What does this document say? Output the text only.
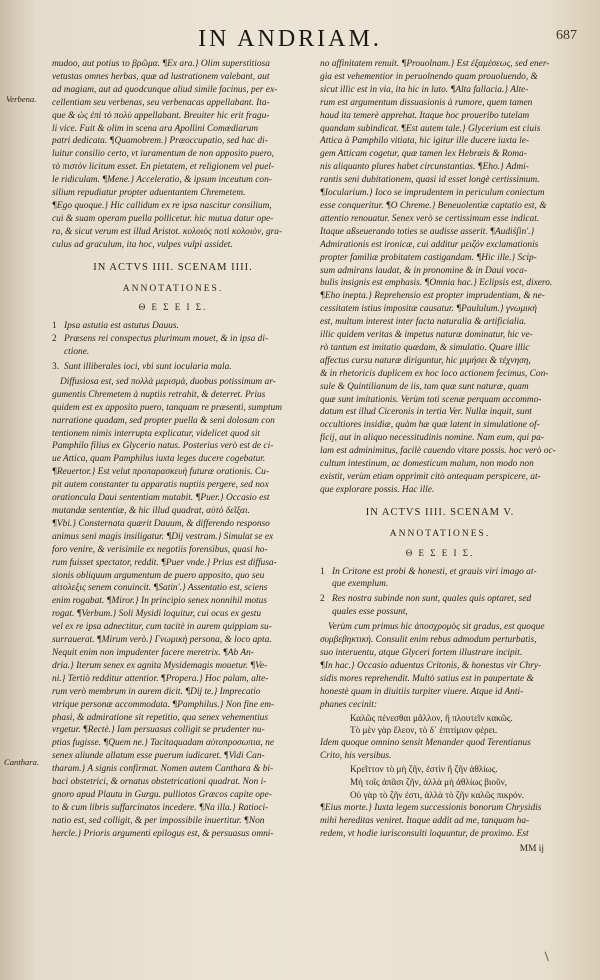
IN ANDRIAM.	687
Verbena.
Canthara.

mudoo, aut potius το βρῶμα. ¶Ex ara.} Olim superstitiosa

vetustas omnes herbas, quæ ad lustrationem valebant, aut

ad magiam, aut ad quodcunque aliud simile facinus, per ex-

cellentiam seu verbenas, seu verbenacas appellabant. Ita-

que & ὡς ἐπὶ τὸ πολὺ appellabant. Breuiter hic erit fragu-

li vice. Fuit & olim in scena ara Apollini Comœdiarum

patri dedicata. ¶Quamobrem.} Præoccupatio, sed hac di-

luitur consilio certo, vt iuramentum de non apposito puero,

τὸ πιστὸν licitum esset. En pietatem, et religionem vel puel-

le ridiculam. ¶Mene.} Acceleratio, & ipsum inceutum con-

silium repudiatur propter aduentantem Chremetem.

¶Ego quoque.} Hic callidum ex re ipsa nascitur consilium,

cui & suam operam puella pollicetur. hic mutua datur ope-

ra, & sicut verum est illud Aristot. κολοιὸς ποτὶ κολοιὸν, gra-

culus ad graculum, ita hoc, vulpes vulpi assidet.

IN ACTVS IIII. SCENAM IIII.
ANNOTATIONES.
Θ Ε Σ Ε Ι Σ.
1 Ipsa astutia est astutus Dauus.
2 Præsens rei conspectus plurimum mouet, & in ipsa di-
ctione.
3. Sunt illiberales ioci, vbi sunt iocularia mala.

Diffusiosa est, sed πολλὰ μερισμὰ, duobus potissimum ar-

gumentis Chremetem à nuptiis retrahit, & deterret. Prius

quidem est ex apposito puero, tanquam re præsenti, sumptum

narratione quadam, sed propter puella & seni dolosam con

tentionem nimis interrupta explicatur, videlicet quod sit

Pamphilo filius ex Glycerio natus. Posterius verò est de ci-

ue Attica, quam Pamphilus iuxta leges ducere cogebatur.

¶Reuertor.} Est velut προπαρασκευὴ futuræ orationis. Cu-

pit autem constanter tu apparatis nuptiis pergere, sed nox

orationcula Daui sententiam mutabit. ¶Puer.} Occasio est

mutandæ sententiæ, & hic illud quadrat, αὐτὸ δεῖξαι.

¶Vbi.} Consternata quærit Dauum, & differendo responso

animus seni magis insiligatur. ¶Dij vestram.} Simulat se ex

foro venire, & verisimile ex negotiis forensibus, quasi ho-

rum fuisset spectator, reddit. ¶Puer vnde.} Prius est diffusa-

sionis obliquum argumentum de puero apposito, quo seu

αἰτολεξις senem conuincit. ¶Satin'.} Assentatio est, sciens

enim rogabat. ¶Miror.} In principio senex nonnihil motus

rogat. ¶Verbum.} Soli Mysidi loquitur, cui ocus ex gestu

vel ex re ipsa adnectitur, cum tacitè in aurem quippiam su-

surrauerat. ¶Mirum verò.} Γνωμικὴ persona, & loco apta.

Nequit enim non impudenter facere meretrix. ¶Ab An-

dria.} Iterum senex ex agnita Mysidemagis mouetur. ¶Ve-

ni.} Tertiò redditur attentior. ¶Propera.} Hoc palam, alte-

rum verò membrum in aurem dicit. ¶Dij te.} Imprecatio

vtrique personæ accommodata. ¶Pamphilus.} Non fine em-

phasi, & admiratione sit repetitio, qua senex vehementius

vrgetur. ¶Rectè.} Iam persuasus colligit se prudenter nu-

ptias fugisse. ¶Quem ne.} Tacitaquadam αὐτοπροσωπια, ne

senex aliunde allatum esse puerum iudicaret. ¶Vidi Can-

tharam.} A signis confirmat. Nomen autem Canthara & bi-

baci obstetrici, & ornatus obstetricationi quadrat. Non i-

gnoro apud Plautu in Gurgu. pulliotos Græcos capite ope-

to & cum libris suffarcinatos incedere. ¶Na illa.} Ratioci-

natio est, sed colligit, & per impossibile inuertitur. ¶Non

hercle.} Prioris argumenti epilogus est, & persuasus omni-

no affinitatem renuit. ¶Prouolnam.} Est ἐξαμέσεως, sed ener-

gia est vehementior in peruolnendo quam prouoluendo, &

sicut illic est in via, ita hic in luto. ¶Alta fallacia.} Alte-

rum est argumentum dissuasionis à rumore, quem tamen

haud ita temerè apprehat. Itaque hoc proueribo tutelam

quandam subindicat. ¶Est autem tale.} Glycerium est ciuis

Attica à Pamphilo vitiata, hic igitur ille ducere iuxta le-

gem Atticam cogetur, quæ tamen lex Hebræis & Roma-

nis aliquanto plures habet circunstantias. ¶Eho.} Admi-

rantis seni dubitationem, quasi id esset longè certissimum.

¶Iocularium.} Ioco se imprudentem in periculum coniectum

esse conqueritur. ¶O Chreme.} Beneuolentiæ captatio est, &

attentio renouatur. Senex verò se certissimum esse indicat.

Itaque aßseuerando toties se audisse asserit. ¶Audiśſin'.}

Admirationis est ironicæ, cui additur μειζόν exclamationis

propter familiæ probitatem castigandam. ¶Hic ille.} Scip-

sum admirans laudat, & in pronomine & in Daui voca-

bulis insignis est emphasis. ¶Omnia hac.} Eclipsis est, dixero.

¶Eho inepta.} Reprehensio est propter imprudentiam, & ne-

cessitatem istius impositæ causatur. ¶Paululum.} γνωμικὴ

est, multum interest inter facta naturalia & artificialia.

illic quidem veritas & impetus naturæ dominatur, hic ve-

rò tantum est imitatio quædam, & simulatio. Quare illic

affectus cursu naturæ diriguntur, hic μιμήσει & τέχνηση,

& in rhetoricis duplicem ex hoc loco actionem fecimus, Con-

sule & Quintilianum de iis, tam quæ sunt naturæ, quam

quæ sunt imitationis. Verùm toti scenæ perquam accommo-

datum est illud Ciceronis in tertia Ver. Nullæ inquit, sunt

occultiores insidiæ, quàm hæ quæ latent in simulatione of-

ficij, aut in aliquo necessitudinis nomine. Nam eum, qui pa-

lam est adminimitus, facilè cauendo vitare possis. hoc verò oc-

cultum intestinum, ac domesticum malum, non modo non

existit, verùm etiam opprimit citò antequam perspicere, at-

que explorare possis. Hac ille.

IN ACTVS IIII. SCENAM V.
ANNOTATIONES.
Θ Ε Σ Ε Ι Σ.
1 In Critone est probi & honesti, et grauis viri imago at-
que exemplum.
2 Res nostra subinde non sunt, quales quis optaret, sed
quales esse possunt,

Verùm cum primus hic ἀποσχρομὸς sit gradus, est quoque

συμβεβηκτικὴ. Consulit enim rebus admodum perturbatis,

suo interuentu, atque Glyceri fortem illustrare incipit.

¶In hac.} Occasio aduentus Critonis, & honestus vir Chry-

sidis mores reprehendit. Multò satius est in paupertate &

honestè quam in diuitiis turpiter viuere. Atque id Anti-

phanes cecinit:

Καλῶς πένεσθαι μᾶλλον, ἢ πλουτεῖν κακῶς.

Τὸ μὲν γὰρ ἔλεον, τὸ δ᾽ ἐπιτίμιον φέρει.

Idem quoque omnino sensit Menander quod Terentianus

Crito, his versibus.

Κρεῖττον τὸ μὴ ζῆν, ἐστὶν ἢ ζῆν ἀθλίως.

Μὴ τοῖς ἀπᾶσι ζῆν, ἀλλὰ μὴ ἀθλίως βιοῦν,

Οὐ γὰρ τὸ ζῆν ἐστι, ἀλλὰ τὸ ζῆν καλῶς πικρόν.

¶Eius morte.} Iuxta legem successionis bonorum Chrysidis

mihi hereditas veniret. Itaque addit ad me, tanquam ha-

redem, vt hodie iurisconsulti loquuntur, de proximo. Est

MM ij
